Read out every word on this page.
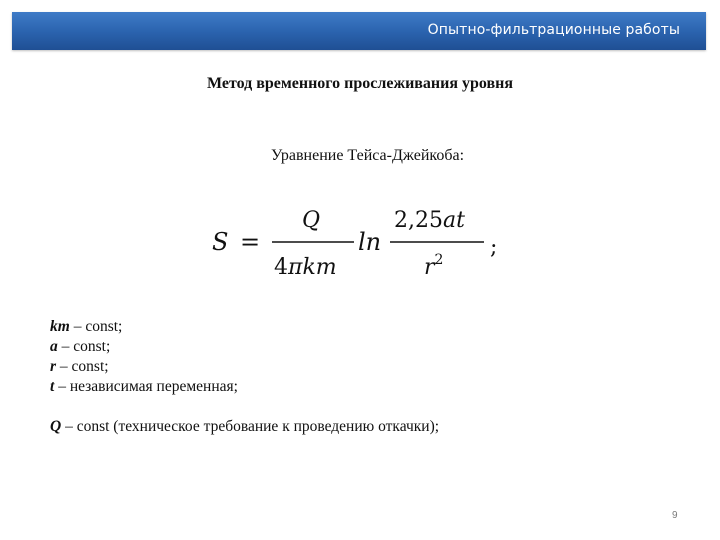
Опытно-фильтрационные работы
Метод временного прослеживания уровня
Уравнение Тейса-Джейкоба:
S =
Q
4πkm
ln
2,25at
$r^2$ ;
km – const;
a – const;
r – const;
t – независимая переменная;
Q – const (техническое требование к проведению откачки);
9
